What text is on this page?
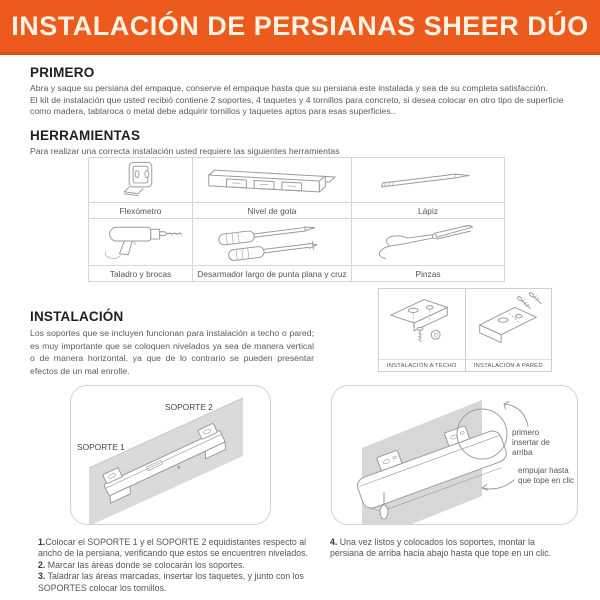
INSTALACIÓN DE PERSIANAS SHEER DÚO
PRIMERO
Abra y saque su persiana del empaque, conserve el empaque hasta que su persiana este instalada y sea de su completa satisfacción.
El kit de instalación que usted recibió contiene 2 soportes, 4 taquetes y 4 tornillos para concreto, si desea colocar en otro tipo de superficie como madera, tablaroca o metal debe adquirir tornillos y taquetes aptos para esas superficies..
HERRAMIENTAS
Para realizar una correcta instalación usted requiere las siguientes herramientas

Flexómetro	Nivel de gota	Lápiz

Taladro y brocas	Desarmador largo de punta plana y cruz	Pinzas
INSTALACIÓN
Los soportes que se incluyen funcionan para instalación a techo o pared; es muy importante que se coloquen nivelados ya sea de manera vertical o de manera horizontal, ya que de lo contrario se pueden presentar efectos de un mal enrolle.	INSTALACIÓN A TECHO	INSTALACIÓN A PARED
SOPORTE 2
SOPORTE 1
*
primero insertar de arriba
empujar hasta que tope en clic
1.Colocar el SOPORTE 1 y el SOPORTE 2 equidistantes respecto al ancho de la persiana, verificando que estos se encuentren nivelados.
2. Marcar las áreas donde se colocarán los soportes.
3. Taladrar las áreas marcadas, insertar los taquetes, y junto con los SOPORTES colocar los tornillos.
4. Una vez listos y colocados los soportes, montar la persiana de arriba hacia abajo hasta que tope en un clic.
